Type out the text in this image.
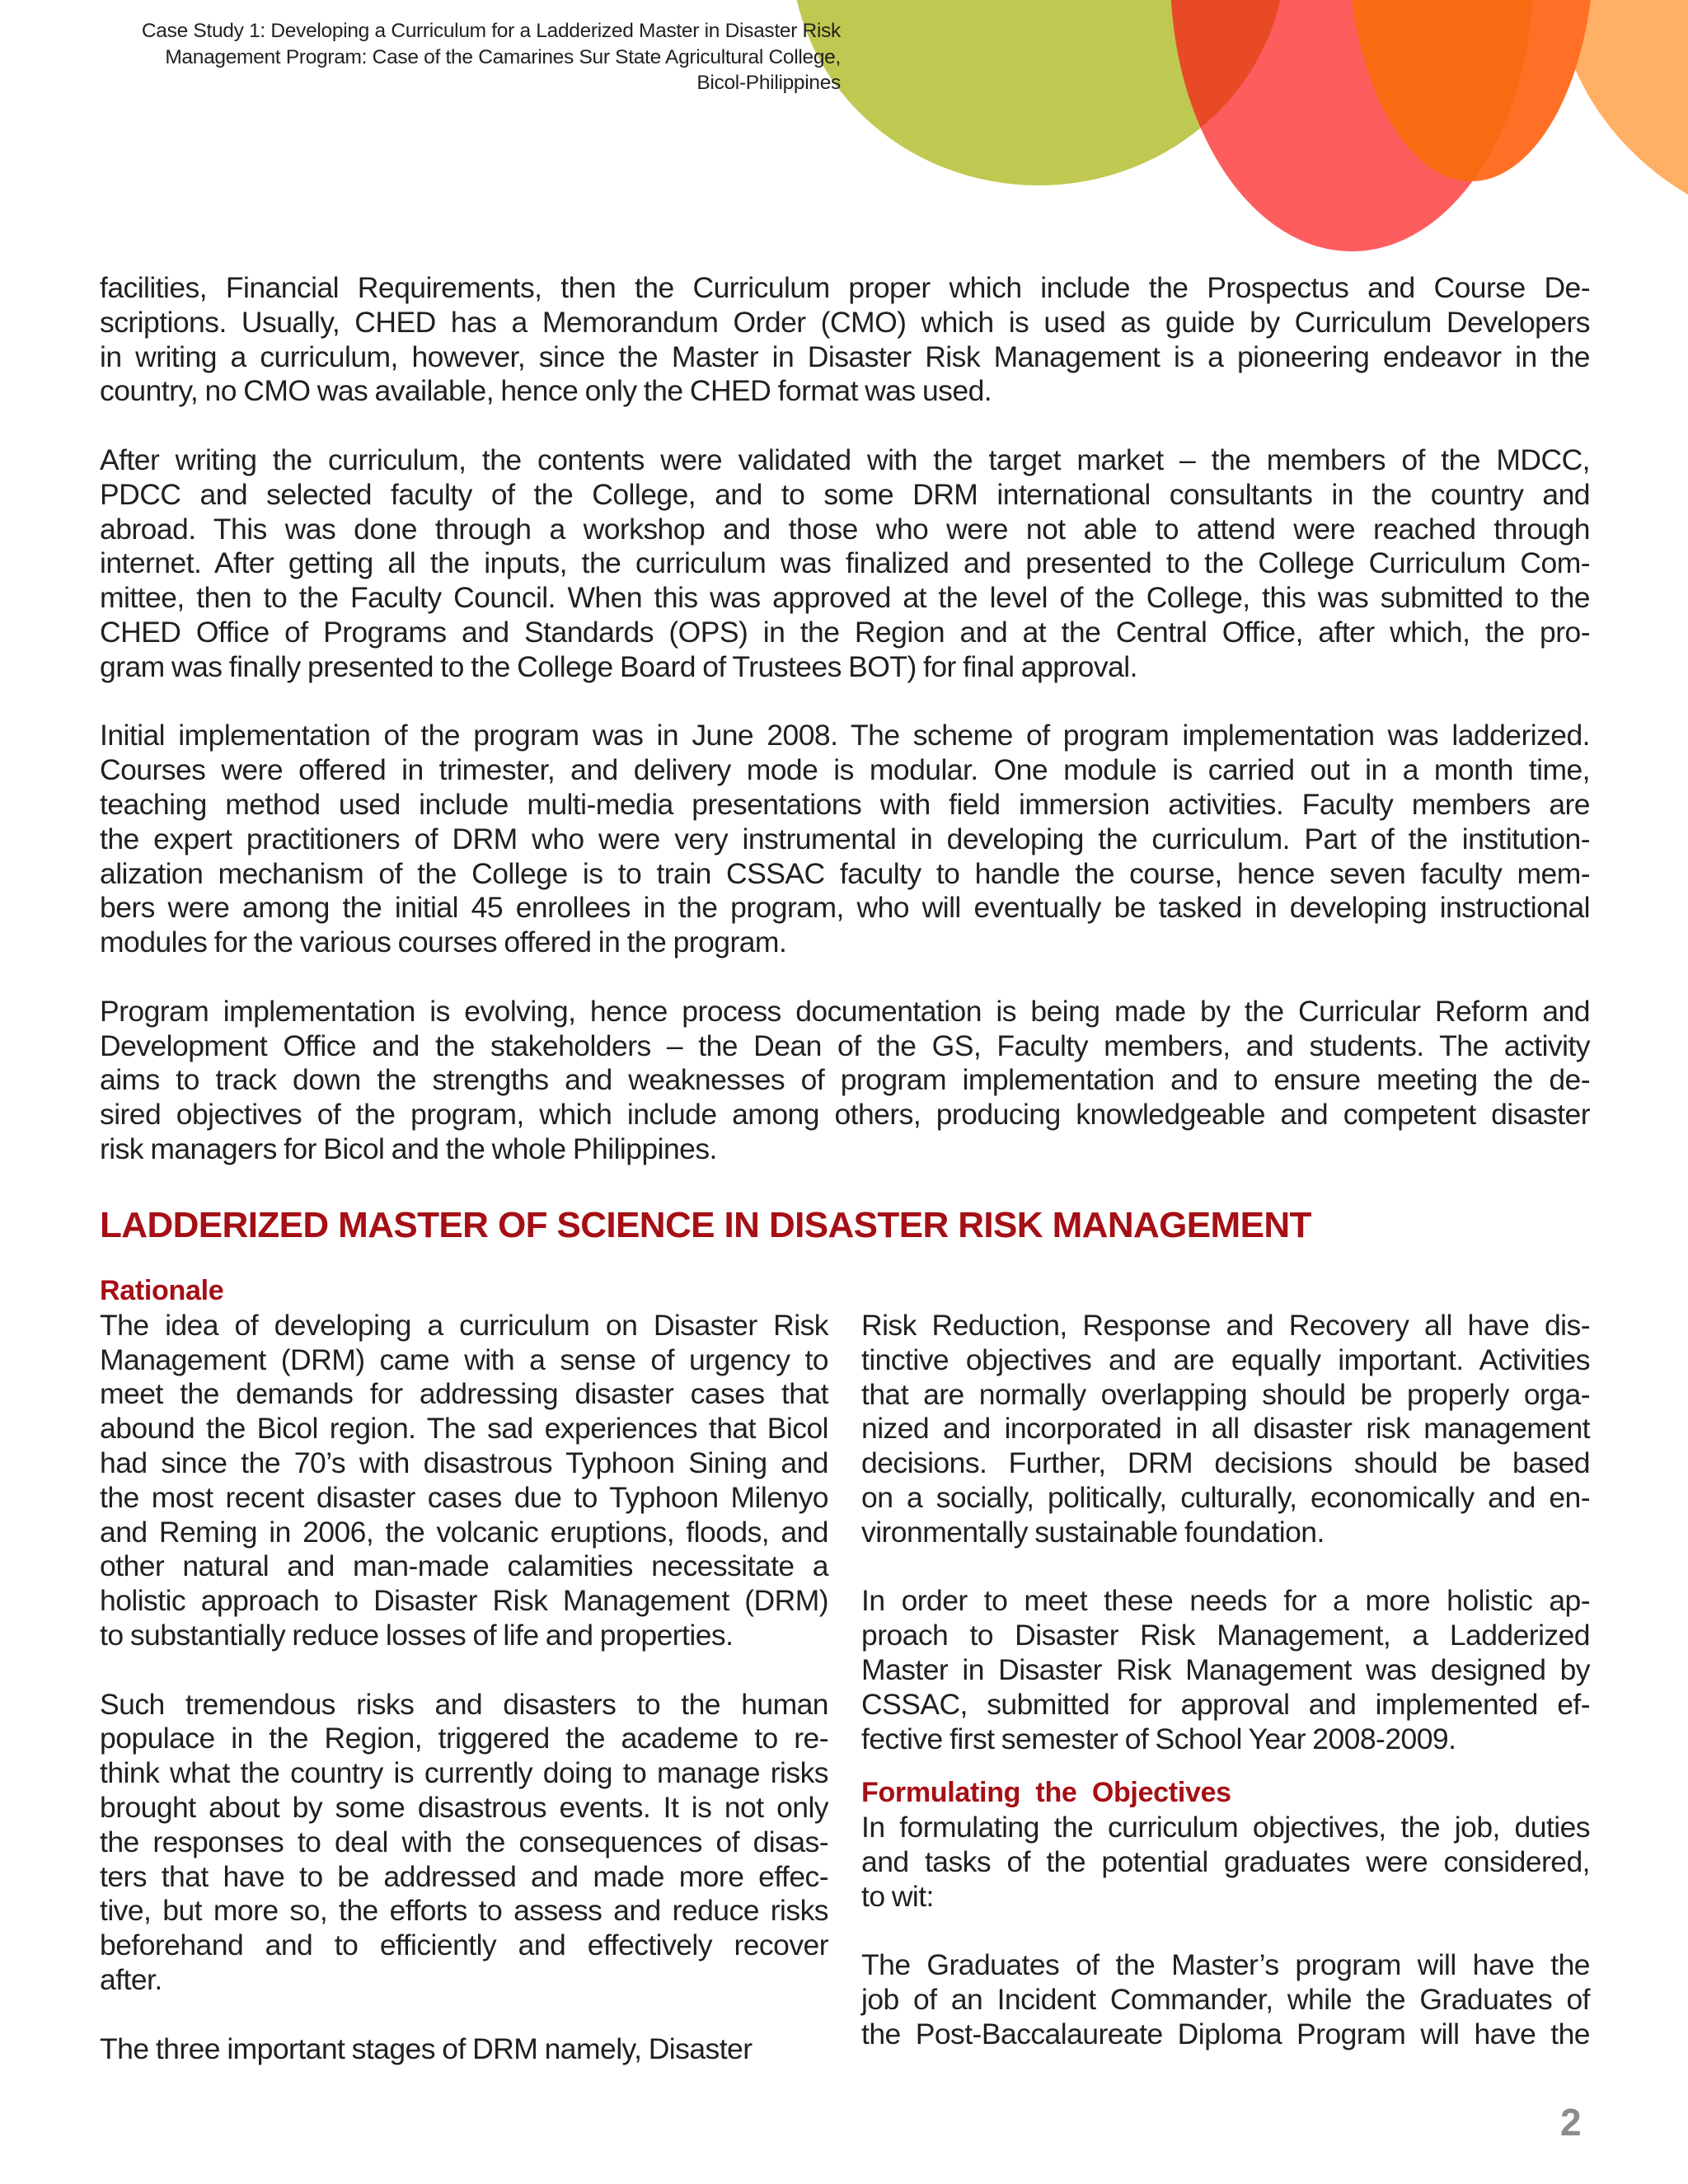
Case Study 1: Developing a Curriculum for a Ladderized Master in Disaster Risk
Management Program: Case of the Camarines Sur State Agricultural College,
Bicol-Philippines
facilities, Financial Requirements, then the Curriculum proper which include the Prospectus and Course De-
scriptions. Usually, CHED has a Memorandum Order (CMO) which is used as guide by Curriculum Developers
in writing a curriculum, however, since the Master in Disaster Risk Management is a pioneering endeavor in the
country, no CMO was available, hence only the CHED format was used.
After writing the curriculum, the contents were validated with the target market – the members of the MDCC,
PDCC and selected faculty of the College, and to some DRM international consultants in the country and
abroad. This was done through a workshop and those who were not able to attend were reached through
internet. After getting all the inputs, the curriculum was finalized and presented to the College Curriculum Com-
mittee, then to the Faculty Council. When this was approved at the level of the College, this was submitted to the
CHED Office of Programs and Standards (OPS) in the Region and at the Central Office, after which, the pro-
gram was finally presented to the College Board of Trustees BOT) for final approval.
Initial implementation of the program was in June 2008. The scheme of program implementation was ladderized.
Courses were offered in trimester, and delivery mode is modular. One module is carried out in a month time,
teaching method used include multi-media presentations with field immersion activities. Faculty members are
the expert practitioners of DRM who were very instrumental in developing the curriculum. Part of the institution-
alization mechanism of the College is to train CSSAC faculty to handle the course, hence seven faculty mem-
bers were among the initial 45 enrollees in the program, who will eventually be tasked in developing instructional
modules for the various courses offered in the program.
Program implementation is evolving, hence process documentation is being made by the Curricular Reform and
Development Office and the stakeholders – the Dean of the GS, Faculty members, and students. The activity
aims to track down the strengths and weaknesses of program implementation and to ensure meeting the de-
sired objectives of the program, which include among others, producing knowledgeable and competent disaster
risk managers for Bicol and the whole Philippines.
LADDERIZED MASTER OF SCIENCE IN DISASTER RISK MANAGEMENT
Rationale
The idea of developing a curriculum on Disaster Risk
Management (DRM) came with a sense of urgency to
meet the demands for addressing disaster cases that
abound the Bicol region. The sad experiences that Bicol
had since the 70’s with disastrous Typhoon Sining and
the most recent disaster cases due to Typhoon Milenyo
and Reming in 2006, the volcanic eruptions, floods, and
other natural and man-made calamities necessitate a
holistic approach to Disaster Risk Management (DRM)
to substantially reduce losses of life and properties.
Such tremendous risks and disasters to the human
populace in the Region, triggered the academe to re-
think what the country is currently doing to manage risks
brought about by some disastrous events. It is not only
the responses to deal with the consequences of disas-
ters that have to be addressed and made more effec-
tive, but more so, the efforts to assess and reduce risks
beforehand and to efficiently and effectively recover
after.
The three important stages of DRM namely, Disaster
Risk Reduction, Response and Recovery all have dis-
tinctive objectives and are equally important. Activities
that are normally overlapping should be properly orga-
nized and incorporated in all disaster risk management
decisions. Further, DRM decisions should be based
on a socially, politically, culturally, economically and en-
vironmentally sustainable foundation.
In order to meet these needs for a more holistic ap-
proach to Disaster Risk Management, a Ladderized
Master in Disaster Risk Management was designed by
CSSAC, submitted for approval and implemented ef-
fective first semester of School Year 2008-2009.
Formulating  the  Objectives
In formulating the curriculum objectives, the job, duties
and tasks of the potential graduates were considered,
to wit:
The Graduates of the Master’s program will have the
job of an Incident Commander, while the Graduates of
the Post-Baccalaureate Diploma Program will have the
2
